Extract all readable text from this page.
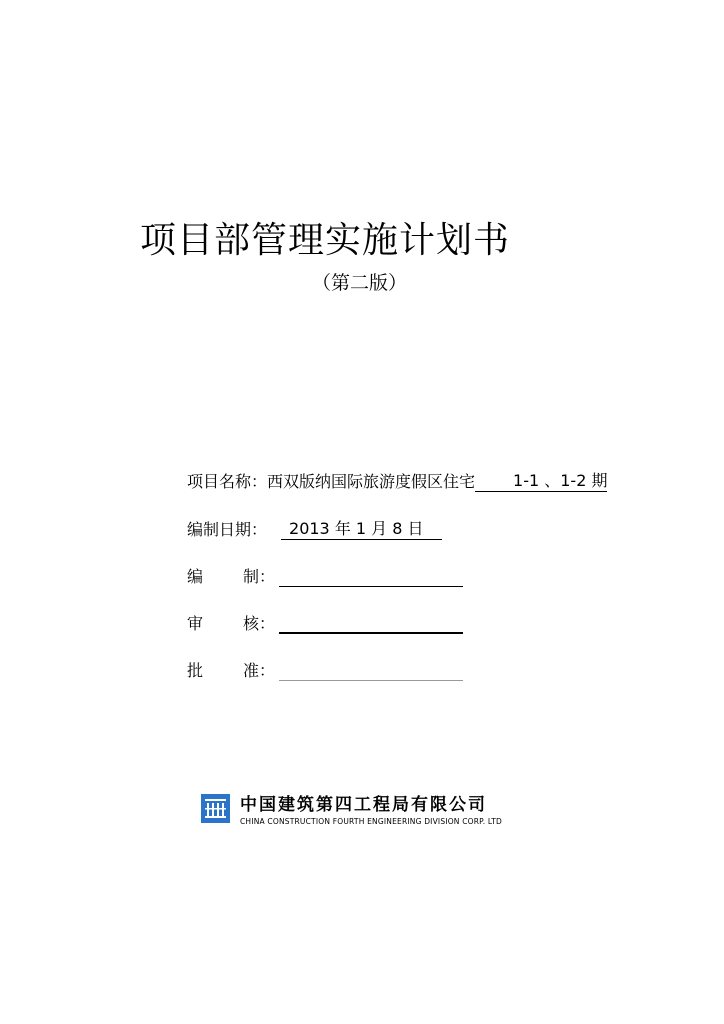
项目部管理实施计划书
（第二版）
项目名称： 西双版纳国际旅游度假区住宅 1-1 、1-2 期
编制日期：	2013 年 1 月 8 日
编	制：
审	核：
批	准：
中国建筑第四工程局有限公司
CHINA CONSTRUCTION FOURTH ENGINEERING DIVISION CORP. LTD
